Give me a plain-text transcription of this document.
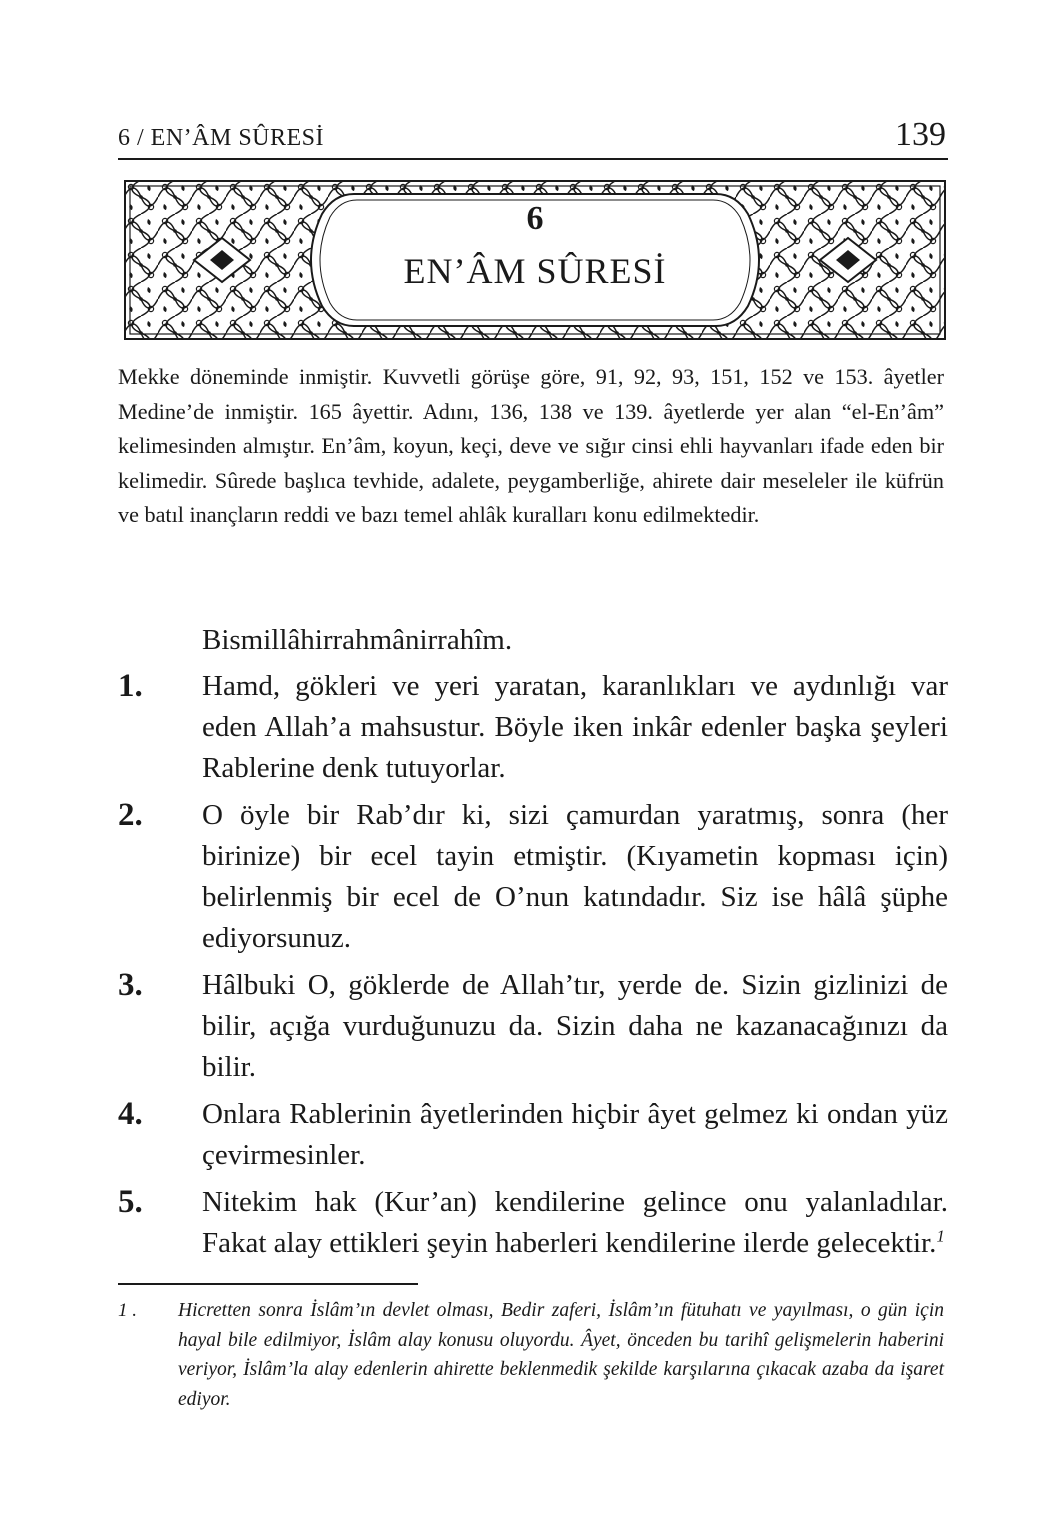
6 / EN’ÂM SÛRESİ	139
6
EN’ÂM SÛRESİ

Mekke döneminde inmiştir. Kuvvetli görüşe göre, 91, 92, 93, 151, 152 ve 153. âyetler Medine’de inmiştir. 165 âyettir. Adını, 136, 138 ve 139. âyetlerde yer alan “el-En’âm” kelimesinden almıştır. En’âm, koyun, keçi, deve ve sığır cinsi ehli hayvanları ifade eden bir kelimedir. Sûrede başlıca tevhide, adalete, peygamberliğe, ahirete dair meseleler ile küfrün ve batıl inançların reddi ve bazı temel ahlâk kuralları konu edilmektedir.

Bismillâhirrahmânirrahîm.
1.	Hamd, gökleri ve yeri yaratan, karanlıkları ve aydınlığı var eden Allah’a mahsustur. Böyle iken inkâr edenler başka şeyleri Rablerine denk tutuyorlar.
2.	O öyle bir Rab’dır ki, sizi çamurdan yaratmış, sonra (her birinize) bir ecel tayin etmiştir. (Kıyametin kopması için) belirlenmiş bir ecel de O’nun katındadır. Siz ise hâlâ şüphe ediyorsunuz.
3.	Hâlbuki O, göklerde de Allah’tır, yerde de. Sizin gizlinizi de bilir, açığa vurduğunuzu da. Sizin daha ne kazanacağınızı da bilir.
4.	Onlara Rablerinin âyetlerinden hiçbir âyet gelmez ki ondan yüz çevirmesinler.
5.	Nitekim hak (Kur’an) kendilerine gelince onu yalanladılar. Fakat alay ettikleri şeyin haberleri kendilerine ilerde gelecektir.$^1$
1 .	Hicretten sonra İslâm’ın devlet olması, Bedir zaferi, İslâm’ın fütuhatı ve yayılması, o gün için hayal bile edilmiyor, İslâm alay konusu oluyordu. Âyet, önceden bu tarihî gelişmelerin haberini veriyor, İslâm’la alay edenlerin ahirette beklenmedik şekilde karşılarına çıkacak azaba da işaret ediyor.
